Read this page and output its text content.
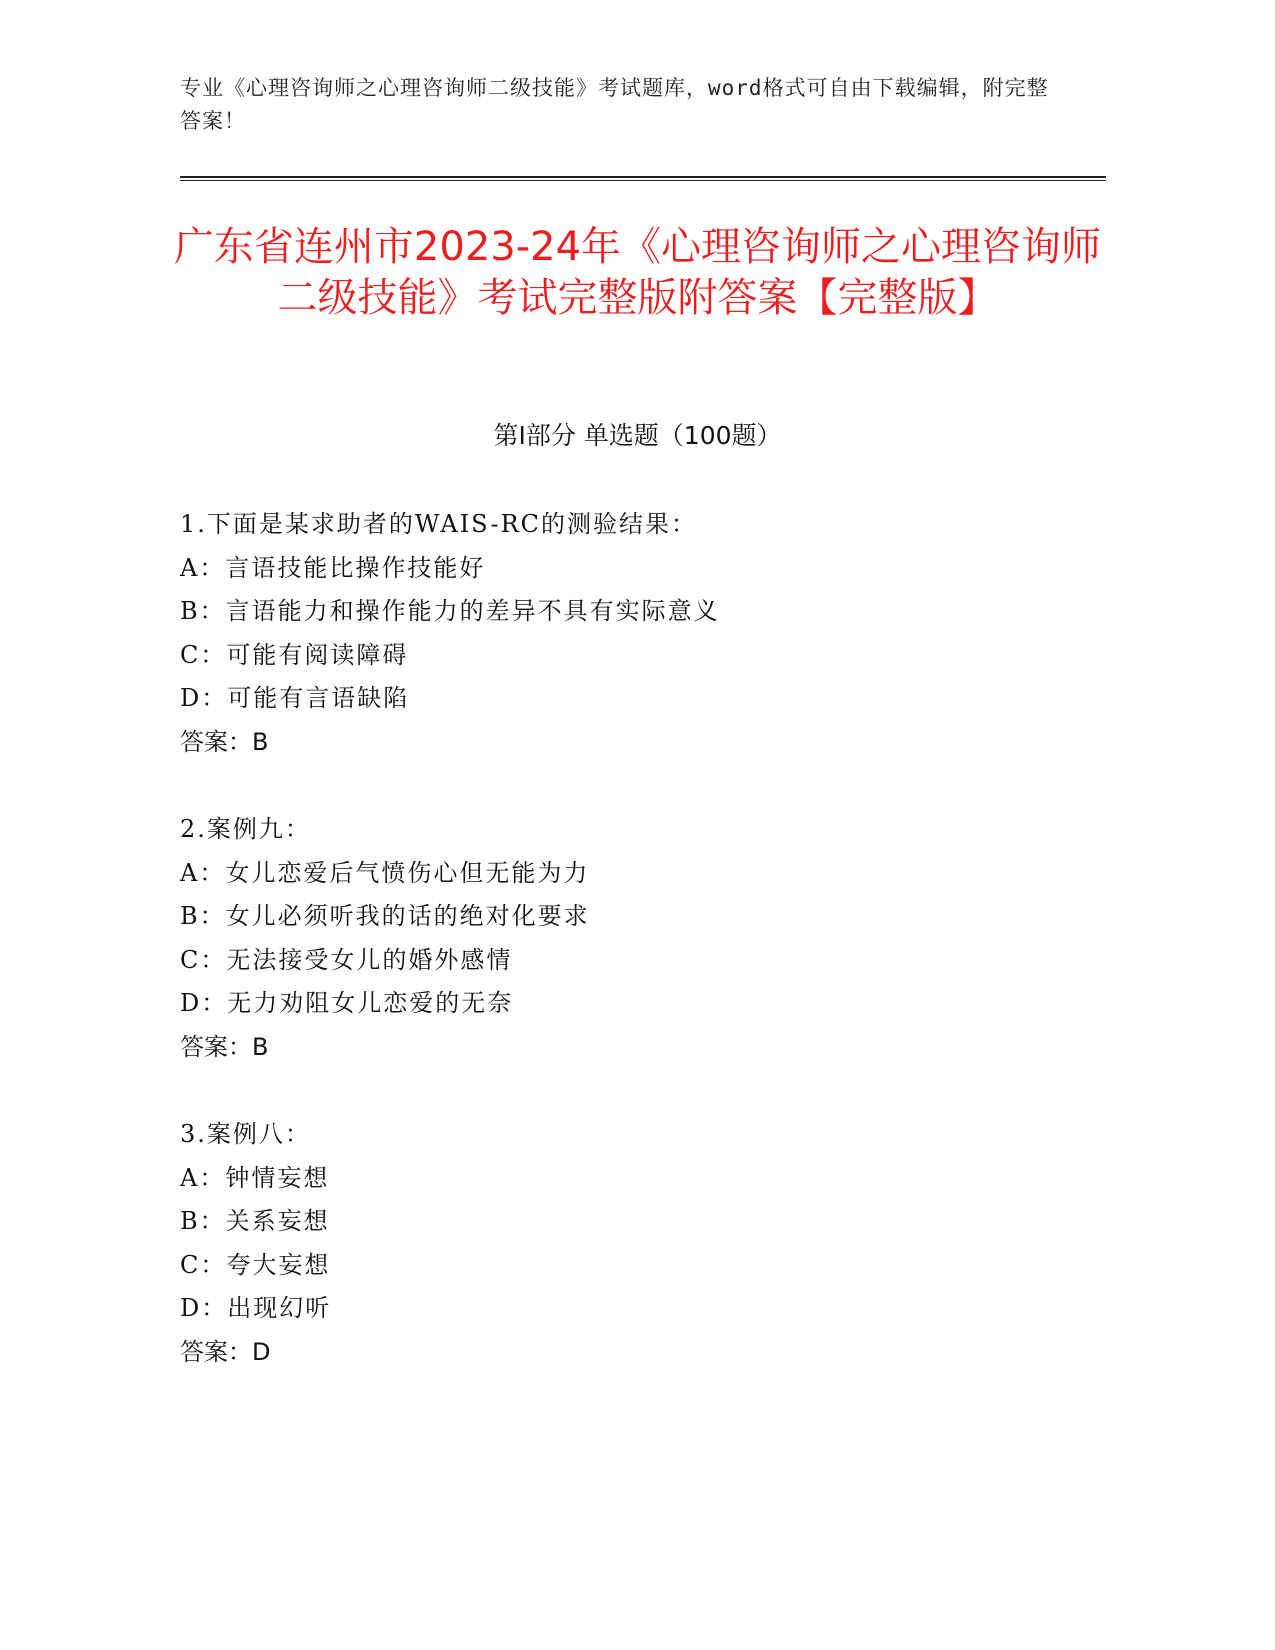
专业《心理咨询师之心理咨询师二级技能》考试题库，word格式可自由下载编辑，附完整答案！
广东省连州市2023-24年《心理咨询师之心理咨询师二级技能》考试完整版附答案【完整版】
第I部分 单选题（100题）
1.下面是某求助者的WAIS-RC的测验结果：
A：言语技能比操作技能好
B：言语能力和操作能力的差异不具有实际意义
C：可能有阅读障碍
D：可能有言语缺陷
答案：B
2.案例九：
A：女儿恋爱后气愤伤心但无能为力
B：女儿必须听我的话的绝对化要求
C：无法接受女儿的婚外感情
D：无力劝阻女儿恋爱的无奈
答案：B
3.案例八：
A：钟情妄想
B：关系妄想
C：夸大妄想
D：出现幻听
答案：D
